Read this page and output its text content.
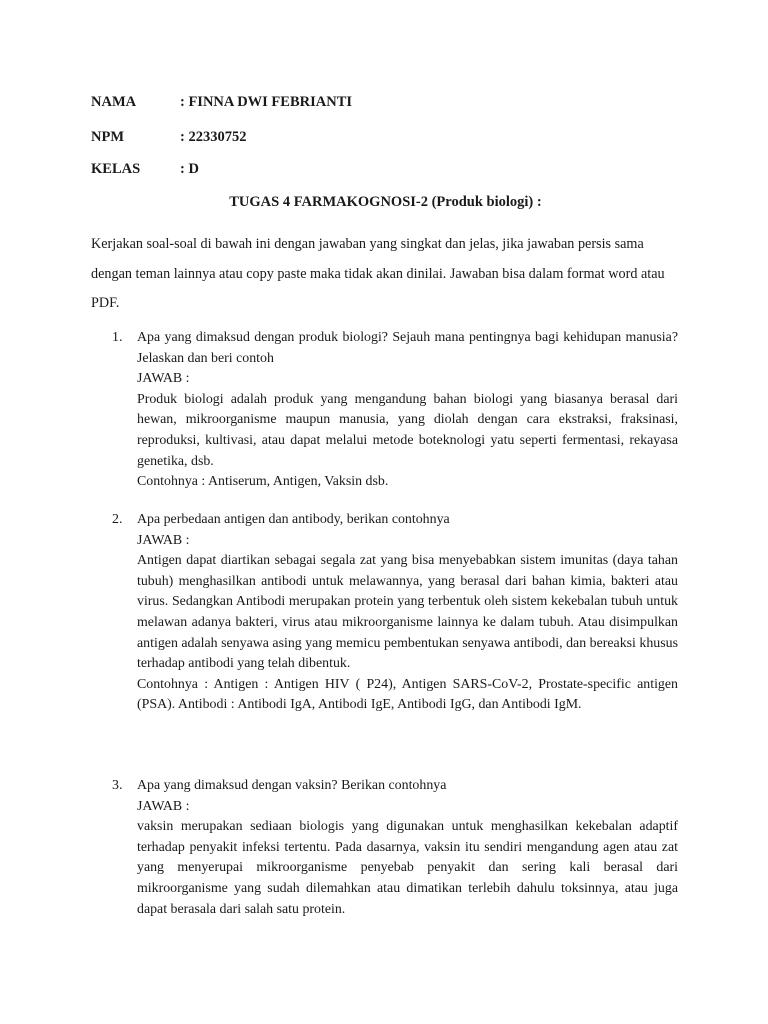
NAMA	: FINNA DWI FEBRIANTI
NPM	: 22330752
KELAS	: D
TUGAS 4 FARMAKOGNOSI-2 (Produk biologi) :

Kerjakan soal-soal di bawah ini dengan jawaban yang singkat dan jelas, jika jawaban persis sama dengan teman lainnya atau copy paste maka tidak akan dinilai. Jawaban bisa dalam format word atau PDF.

1. Apa yang dimaksud dengan produk biologi? Sejauh mana pentingnya bagi kehidupan manusia? Jelaskan dan beri contoh

JAWAB :

Produk biologi adalah produk yang mengandung bahan biologi yang biasanya berasal dari hewan, mikroorganisme maupun manusia, yang diolah dengan cara ekstraksi, fraksinasi, reproduksi, kultivasi, atau dapat melalui metode boteknologi yatu seperti fermentasi, rekayasa genetika, dsb.

Contohnya : Antiserum, Antigen, Vaksin dsb.

2. Apa perbedaan antigen dan antibody, berikan contohnya

JAWAB :

Antigen dapat diartikan sebagai segala zat yang bisa menyebabkan sistem imunitas (daya tahan tubuh) menghasilkan antibodi untuk melawannya, yang berasal dari bahan kimia, bakteri atau virus. Sedangkan Antibodi merupakan protein yang terbentuk oleh sistem kekebalan tubuh untuk melawan adanya bakteri, virus atau mikroorganisme lainnya ke dalam tubuh. Atau disimpulkan antigen adalah senyawa asing yang memicu pembentukan senyawa antibodi, dan bereaksi khusus terhadap antibodi yang telah dibentuk.

Contohnya : Antigen : Antigen HIV ( P24), Antigen SARS-CoV-2, Prostate-specific antigen (PSA). Antibodi : Antibodi IgA, Antibodi IgE, Antibodi IgG, dan Antibodi IgM.

3. Apa yang dimaksud dengan vaksin? Berikan contohnya

JAWAB :

vaksin merupakan sediaan biologis yang digunakan untuk menghasilkan kekebalan adaptif terhadap penyakit infeksi tertentu. Pada dasarnya, vaksin itu sendiri mengandung agen atau zat yang menyerupai mikroorganisme penyebab penyakit dan sering kali berasal dari mikroorganisme yang sudah dilemahkan atau dimatikan terlebih dahulu toksinnya, atau juga dapat berasala dari salah satu protein.
